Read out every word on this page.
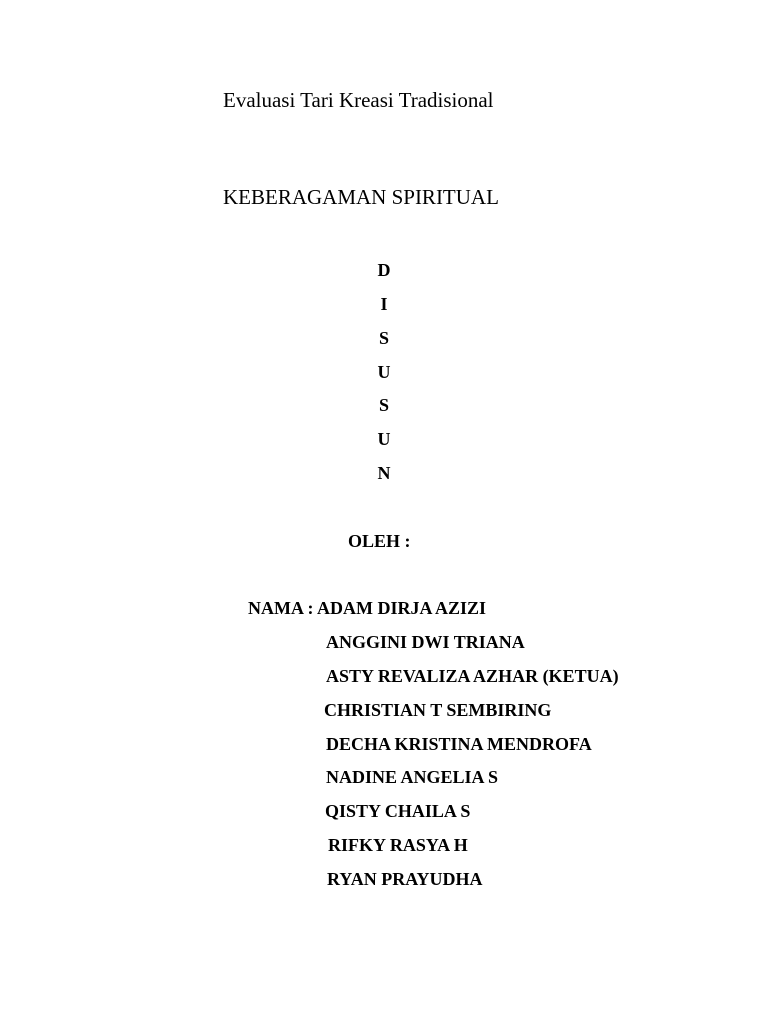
Evaluasi Tari Kreasi Tradisional
KEBERAGAMAN SPIRITUAL
D
I
S
U
S
U
N
OLEH :
NAMA : ADAM DIRJA AZIZI
ANGGINI DWI TRIANA
ASTY REVALIZA AZHAR (KETUA)
CHRISTIAN T SEMBIRING
DECHA KRISTINA MENDROFA
NADINE ANGELIA S
QISTY CHAILA S
RIFKY RASYA H
RYAN PRAYUDHA
